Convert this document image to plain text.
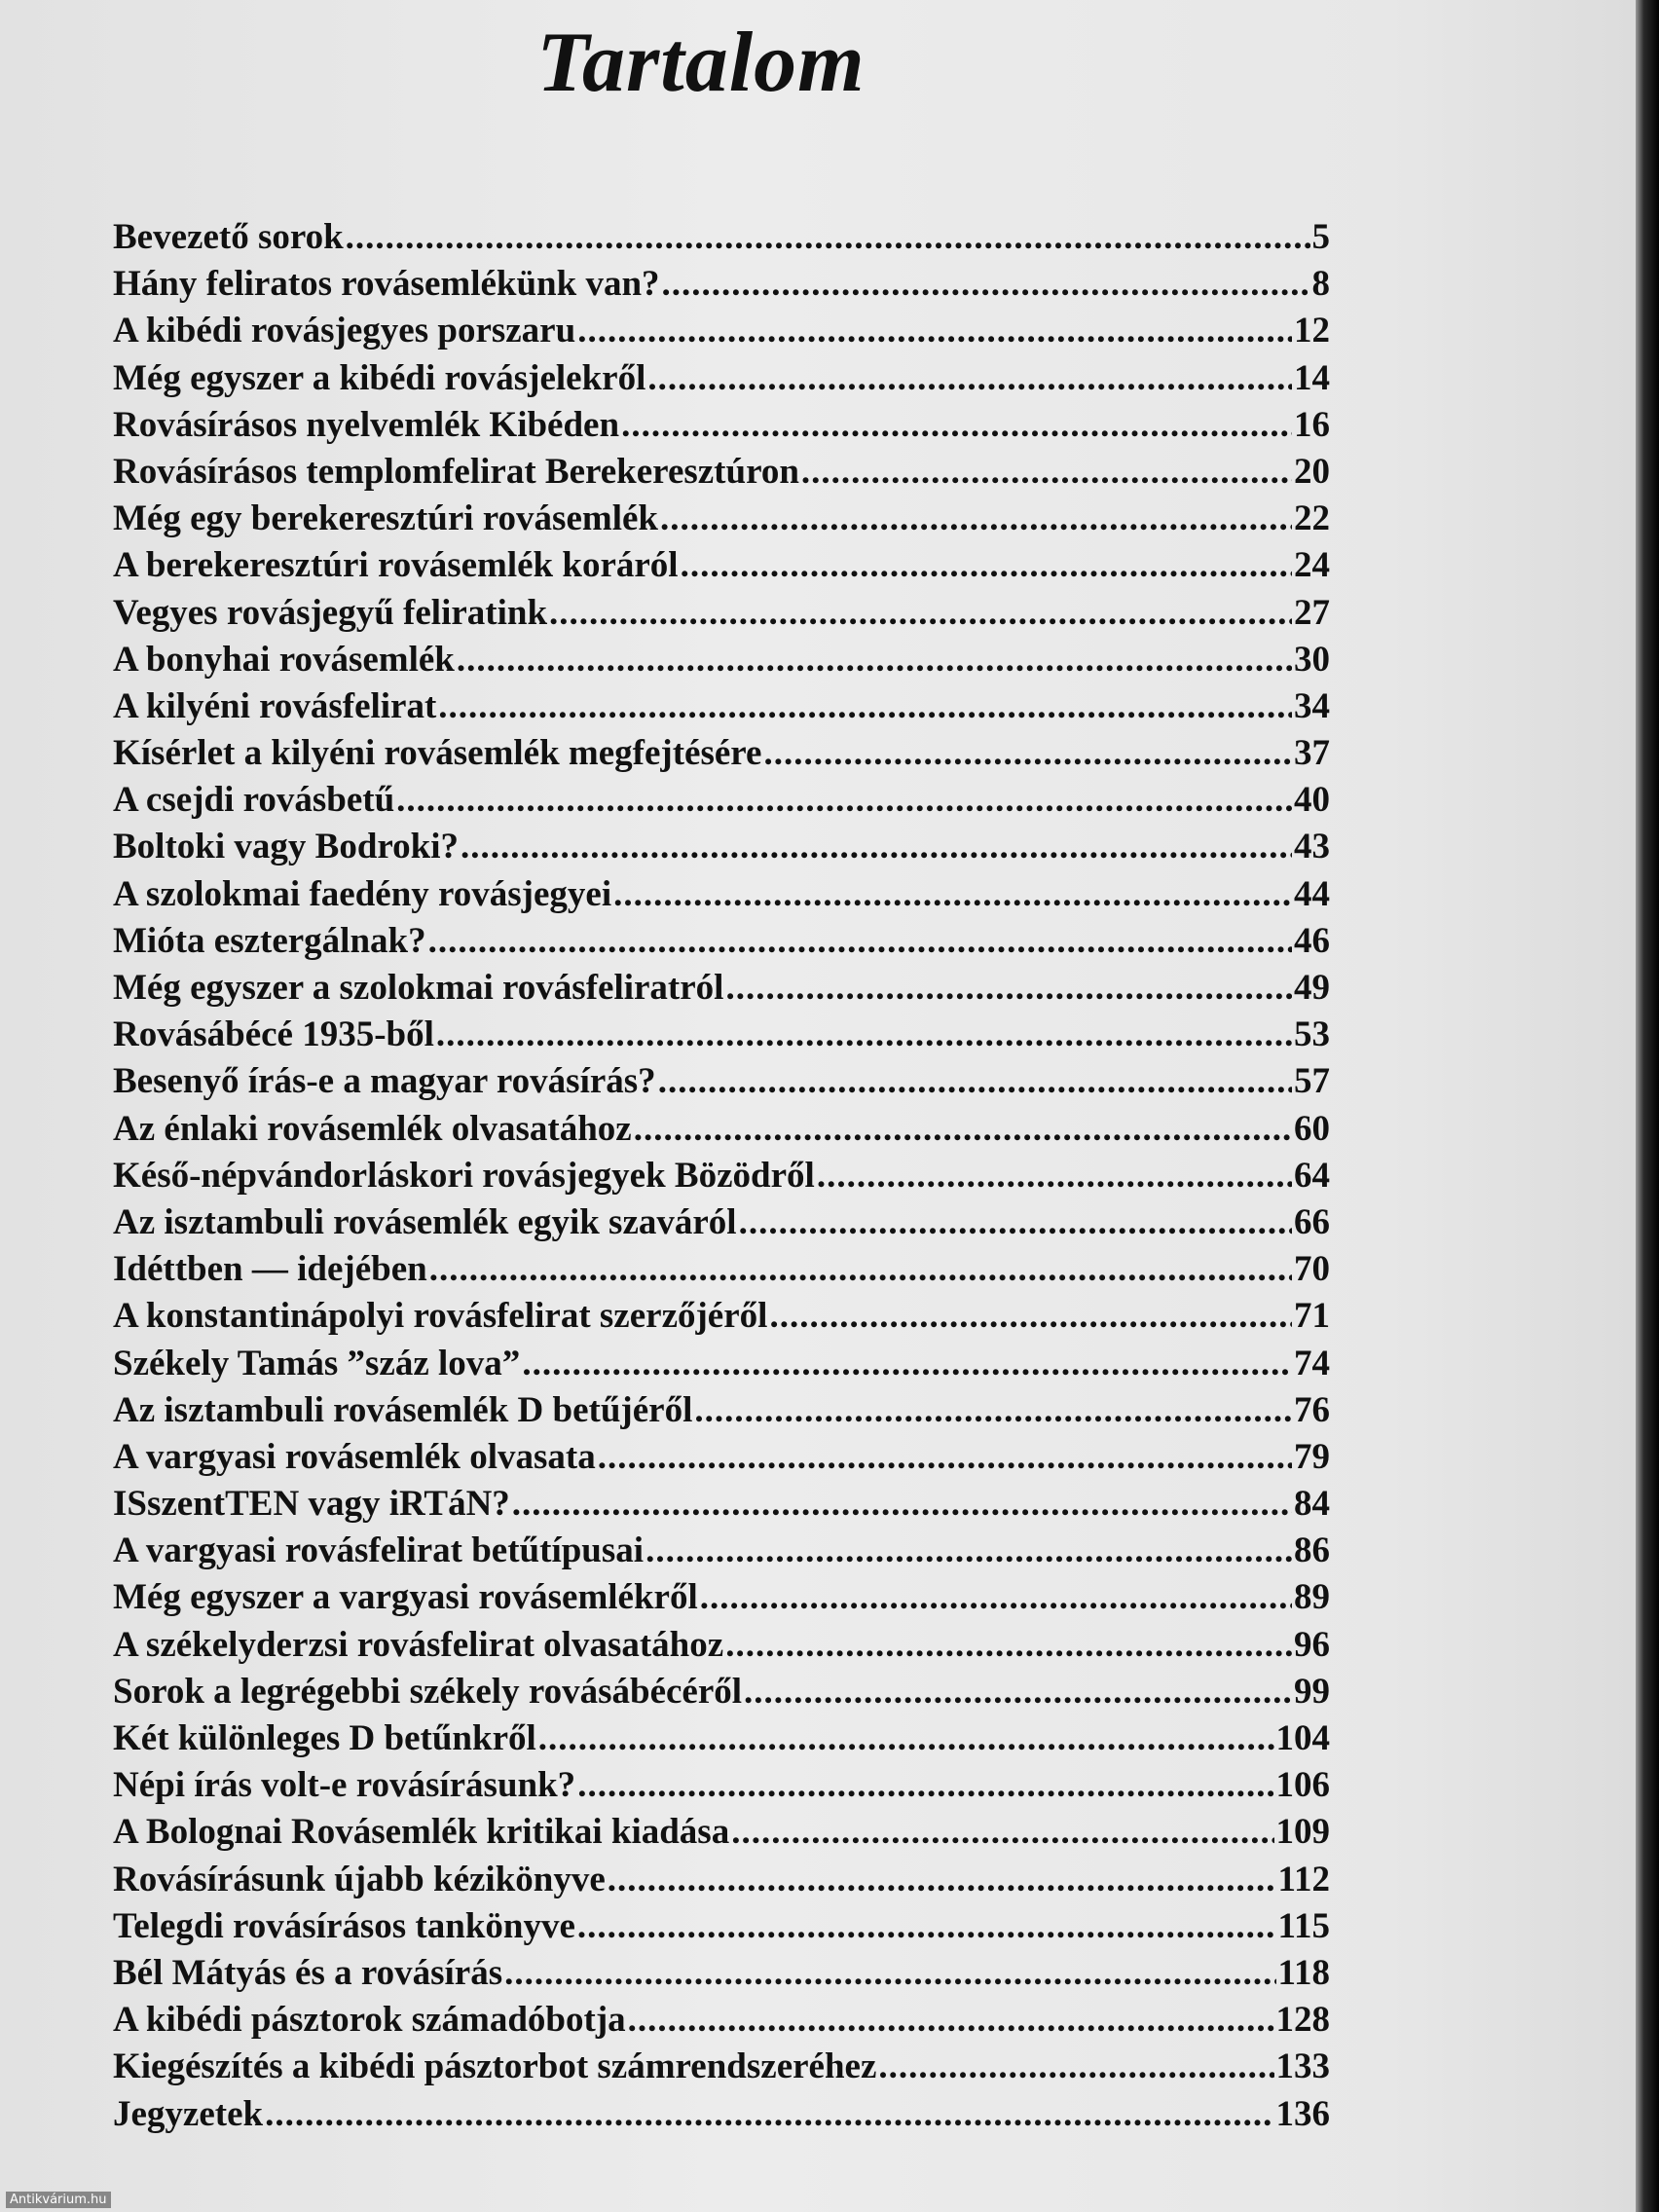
Tartalom
Bevezető sorok .....	5
Hány feliratos rovásemlékünk van? .....	8
A kibédi rovásjegyes porszaru .....	12
Még egyszer a kibédi rovásjelekről .....	14
Rovásírásos nyelvemlék Kibéden .....	16
Rovásírásos templomfelirat Berekeresztúron .....	20
Még egy berekeresztúri rovásemlék .....	22
A berekeresztúri rovásemlék koráról .....	24
Vegyes rovásjegyű feliratink .....	27
A bonyhai rovásemlék .....	30
A kilyéni rovásfelirat .....	34
Kísérlet a kilyéni rovásemlék megfejtésére .....	37
A csejdi rovásbetű .....	40
Boltoki vagy Bodroki? .....	43
A szolokmai faedény rovásjegyei .....	44
Mióta esztergálnak? .....	46
Még egyszer a szolokmai rovásfeliratról .....	49
Rovásábécé 1935-ből .....	53
Besenyő írás-e a magyar rovásírás? .....	57
Az énlaki rovásemlék olvasatához .....	60
Késő-népvándorláskori rovásjegyek Bözödről .....	64
Az isztambuli rovásemlék egyik szaváról .....	66
Idéttben — idejében .....	70
A konstantinápolyi rovásfelirat szerzőjéről .....	71
Székely Tamás ”száz lova” .....	74
Az isztambuli rovásemlék D betűjéről .....	76
A vargyasi rovásemlék olvasata .....	79
ISszentTEN vagy iRTáN? .....	84
A vargyasi rovásfelirat betűtípusai .....	86
Még egyszer a vargyasi rovásemlékről .....	89
A székelyderzsi rovásfelirat olvasatához .....	96
Sorok a legrégebbi székely rovásábécéről .....	99
Két különleges D betűnkről .....	104
Népi írás volt-e rovásírásunk? .....	106
A Bolognai Rovásemlék kritikai kiadása .....	109
Rovásírásunk újabb kézikönyve .....	112
Telegdi rovásírásos tankönyve .....	115
Bél Mátyás és a rovásírás .....	118
A kibédi pásztorok számadóbotja .....	128
Kiegészítés a kibédi pásztorbot számrendszeréhez .....	133
Jegyzetek .....	136
Antikvárium.hu
